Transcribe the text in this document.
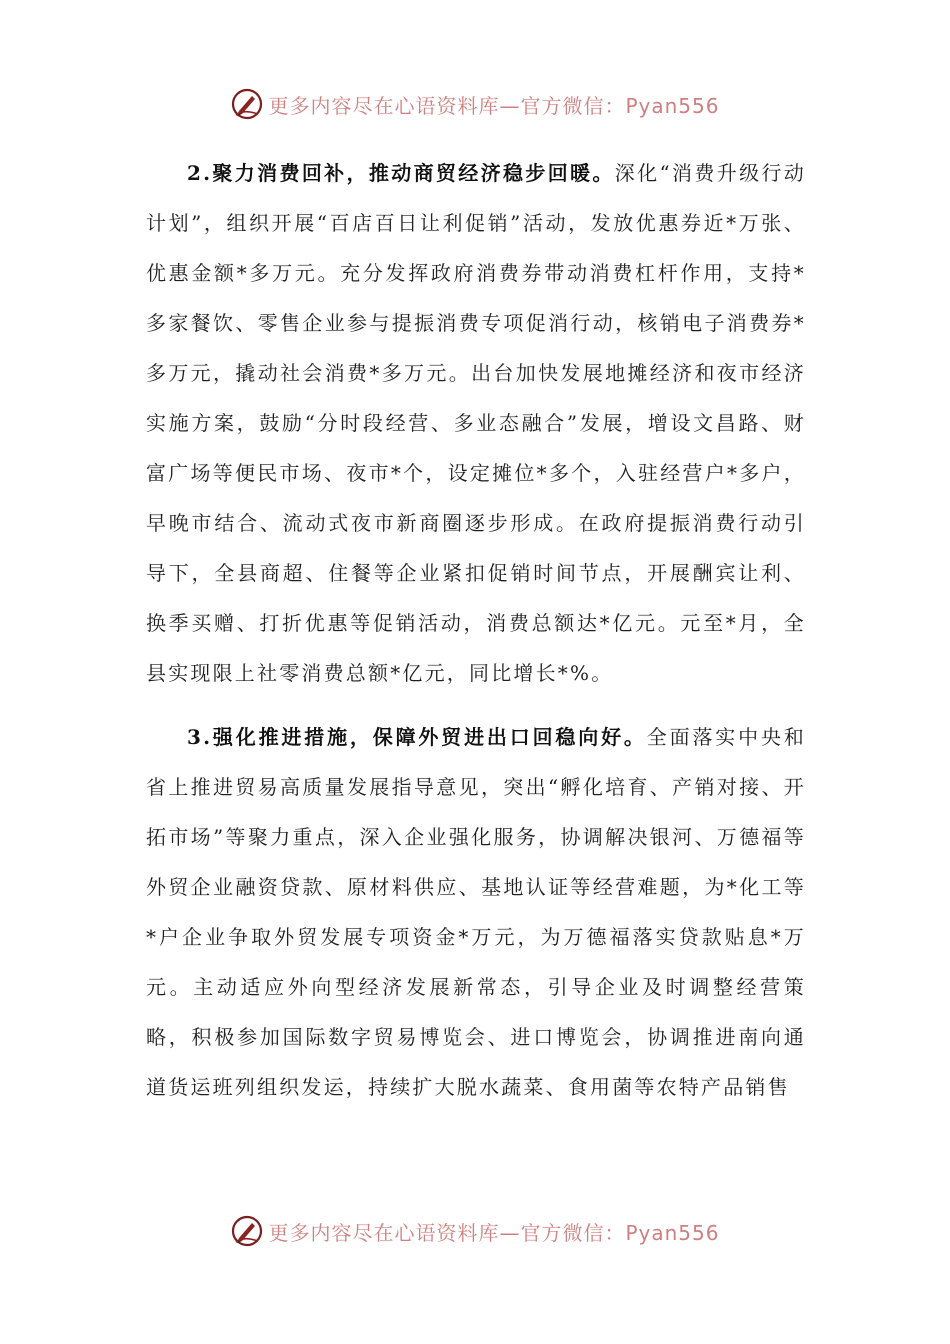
更多内容尽在心语资料库—官方微信：Pyan556

2.聚力消费回补，推动商贸经济稳步回暖。深化“消费升级行动计划”，组织开展“百店百日让利促销”活动，发放优惠券近*万张、优惠金额*多万元。充分发挥政府消费券带动消费杠杆作用，支持*多家餐饮、零售企业参与提振消费专项促消行动，核销电子消费券*多万元，撬动社会消费*多万元。出台加快发展地摊经济和夜市经济实施方案，鼓励“分时段经营、多业态融合”发展，增设文昌路、财富广场等便民市场、夜市*个，设定摊位*多个，入驻经营户*多户，早晚市结合、流动式夜市新商圈逐步形成。在政府提振消费行动引导下，全县商超、住餐等企业紧扣促销时间节点，开展酬宾让利、换季买赠、打折优惠等促销活动，消费总额达*亿元。元至*月，全县实现限上社零消费总额*亿元，同比增长*%。

3.强化推进措施，保障外贸进出口回稳向好。全面落实中央和省上推进贸易高质量发展指导意见，突出“孵化培育、产销对接、开拓市场”等聚力重点，深入企业强化服务，协调解决银河、万德福等外贸企业融资贷款、原材料供应、基地认证等经营难题，为*化工等*户企业争取外贸发展专项资金*万元，为万德福落实贷款贴息*万元。主动适应外向型经济发展新常态，引导企业及时调整经营策略，积极参加国际数字贸易博览会、进口博览会，协调推进南向通道货运班列组织发运，持续扩大脱水蔬菜、食用菌等农特产品销售

更多内容尽在心语资料库—官方微信：Pyan556
